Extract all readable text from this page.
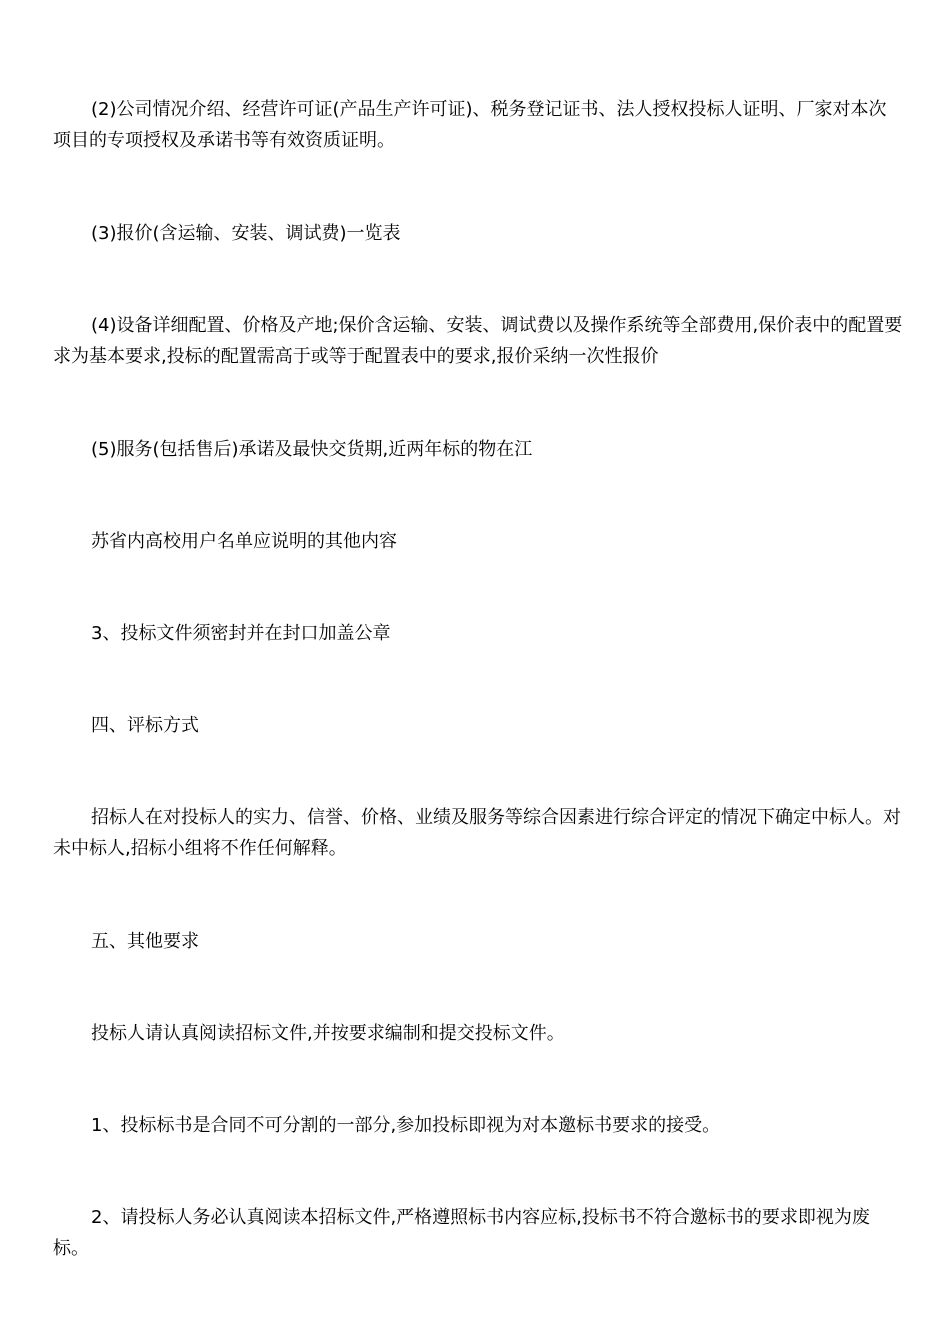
(2)公司情况介绍、经营许可证(产品生产许可证)、税务登记证书、法人授权投标人证明、厂家对本次项目的专项授权及承诺书等有效资质证明。

(3)报价(含运输、安装、调试费)一览表

(4)设备详细配置、价格及产地;保价含运输、安装、调试费以及操作系统等全部费用,保价表中的配置要求为基本要求,投标的配置需高于或等于配置表中的要求,报价采纳一次性报价

(5)服务(包括售后)承诺及最快交货期,近两年标的物在江

苏省内高校用户名单应说明的其他内容

3、投标文件须密封并在封口加盖公章

四、评标方式

招标人在对投标人的实力、信誉、价格、业绩及服务等综合因素进行综合评定的情况下确定中标人。对未中标人,招标小组将不作任何解释。

五、其他要求

投标人请认真阅读招标文件,并按要求编制和提交投标文件。

1、投标标书是合同不可分割的一部分,参加投标即视为对本邀标书要求的接受。

2、请投标人务必认真阅读本招标文件,严格遵照标书内容应标,投标书不符合邀标书的要求即视为废标。
